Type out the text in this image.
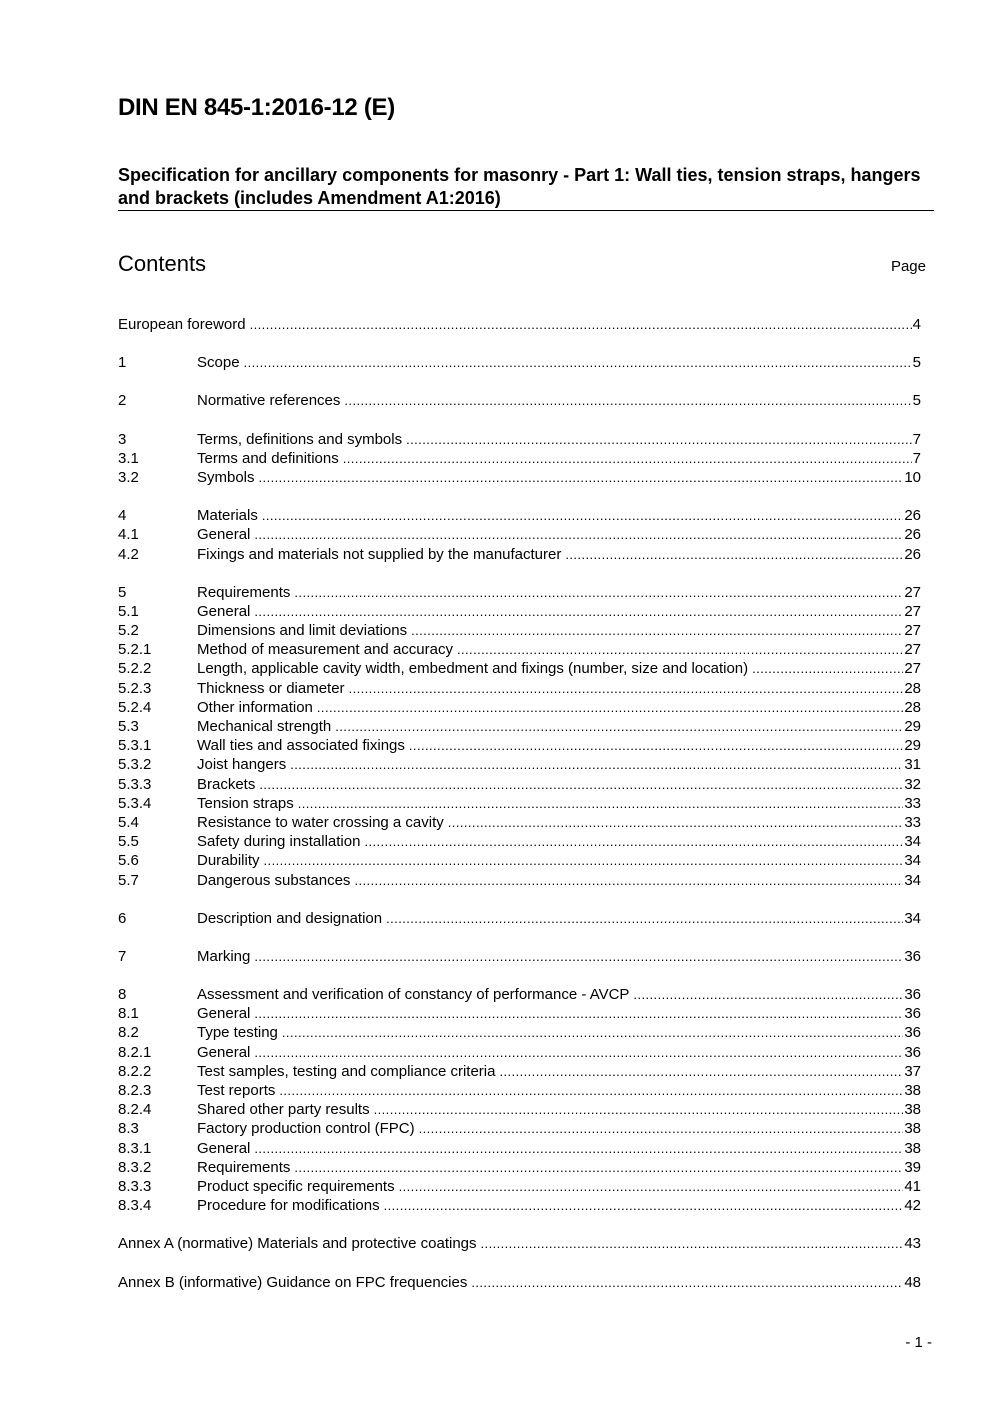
DIN EN 845-1:2016-12 (E)

Specification for ancillary components for masonry - Part 1: Wall ties, tension straps, hangers and brackets (includes Amendment A1:2016)

Contents	Page
European foreword . . .	4
1	Scope . . .	5
2	Normative references . . .	5
3	Terms, definitions and symbols . . .	7
3.1	Terms and definitions . . .	7
3.2	Symbols . . .	10
4	Materials . . .	26
4.1	General . . .	26
4.2	Fixings and materials not supplied by the manufacturer . . .	26
5	Requirements . . .	27
5.1	General . . .	27
5.2	Dimensions and limit deviations . . .	27
5.2.1	Method of measurement and accuracy . . .	27
5.2.2	Length, applicable cavity width, embedment and fixings (number, size and location) . . .	27
5.2.3	Thickness or diameter . . .	28
5.2.4	Other information . . .	28
5.3	Mechanical strength . . .	29
5.3.1	Wall ties and associated fixings . . .	29
5.3.2	Joist hangers . . .	31
5.3.3	Brackets . . .	32
5.3.4	Tension straps . . .	33
5.4	Resistance to water crossing a cavity . . .	33
5.5	Safety during installation . . .	34
5.6	Durability . . .	34
5.7	Dangerous substances . . .	34
6	Description and designation . . .	34
7	Marking . . .	36
8	Assessment and verification of constancy of performance - AVCP . . .	36
8.1	General . . .	36
8.2	Type testing . . .	36
8.2.1	General . . .	36
8.2.2	Test samples, testing and compliance criteria . . .	37
8.2.3	Test reports . . .	38
8.2.4	Shared other party results . . .	38
8.3	Factory production control (FPC) . . .	38
8.3.1	General . . .	38
8.3.2	Requirements . . .	39
8.3.3	Product specific requirements . . .	41
8.3.4	Procedure for modifications . . .	42
Annex A (normative) Materials and protective coatings . . .	43
Annex B (informative) Guidance on FPC frequencies . . .	48
- 1 -
